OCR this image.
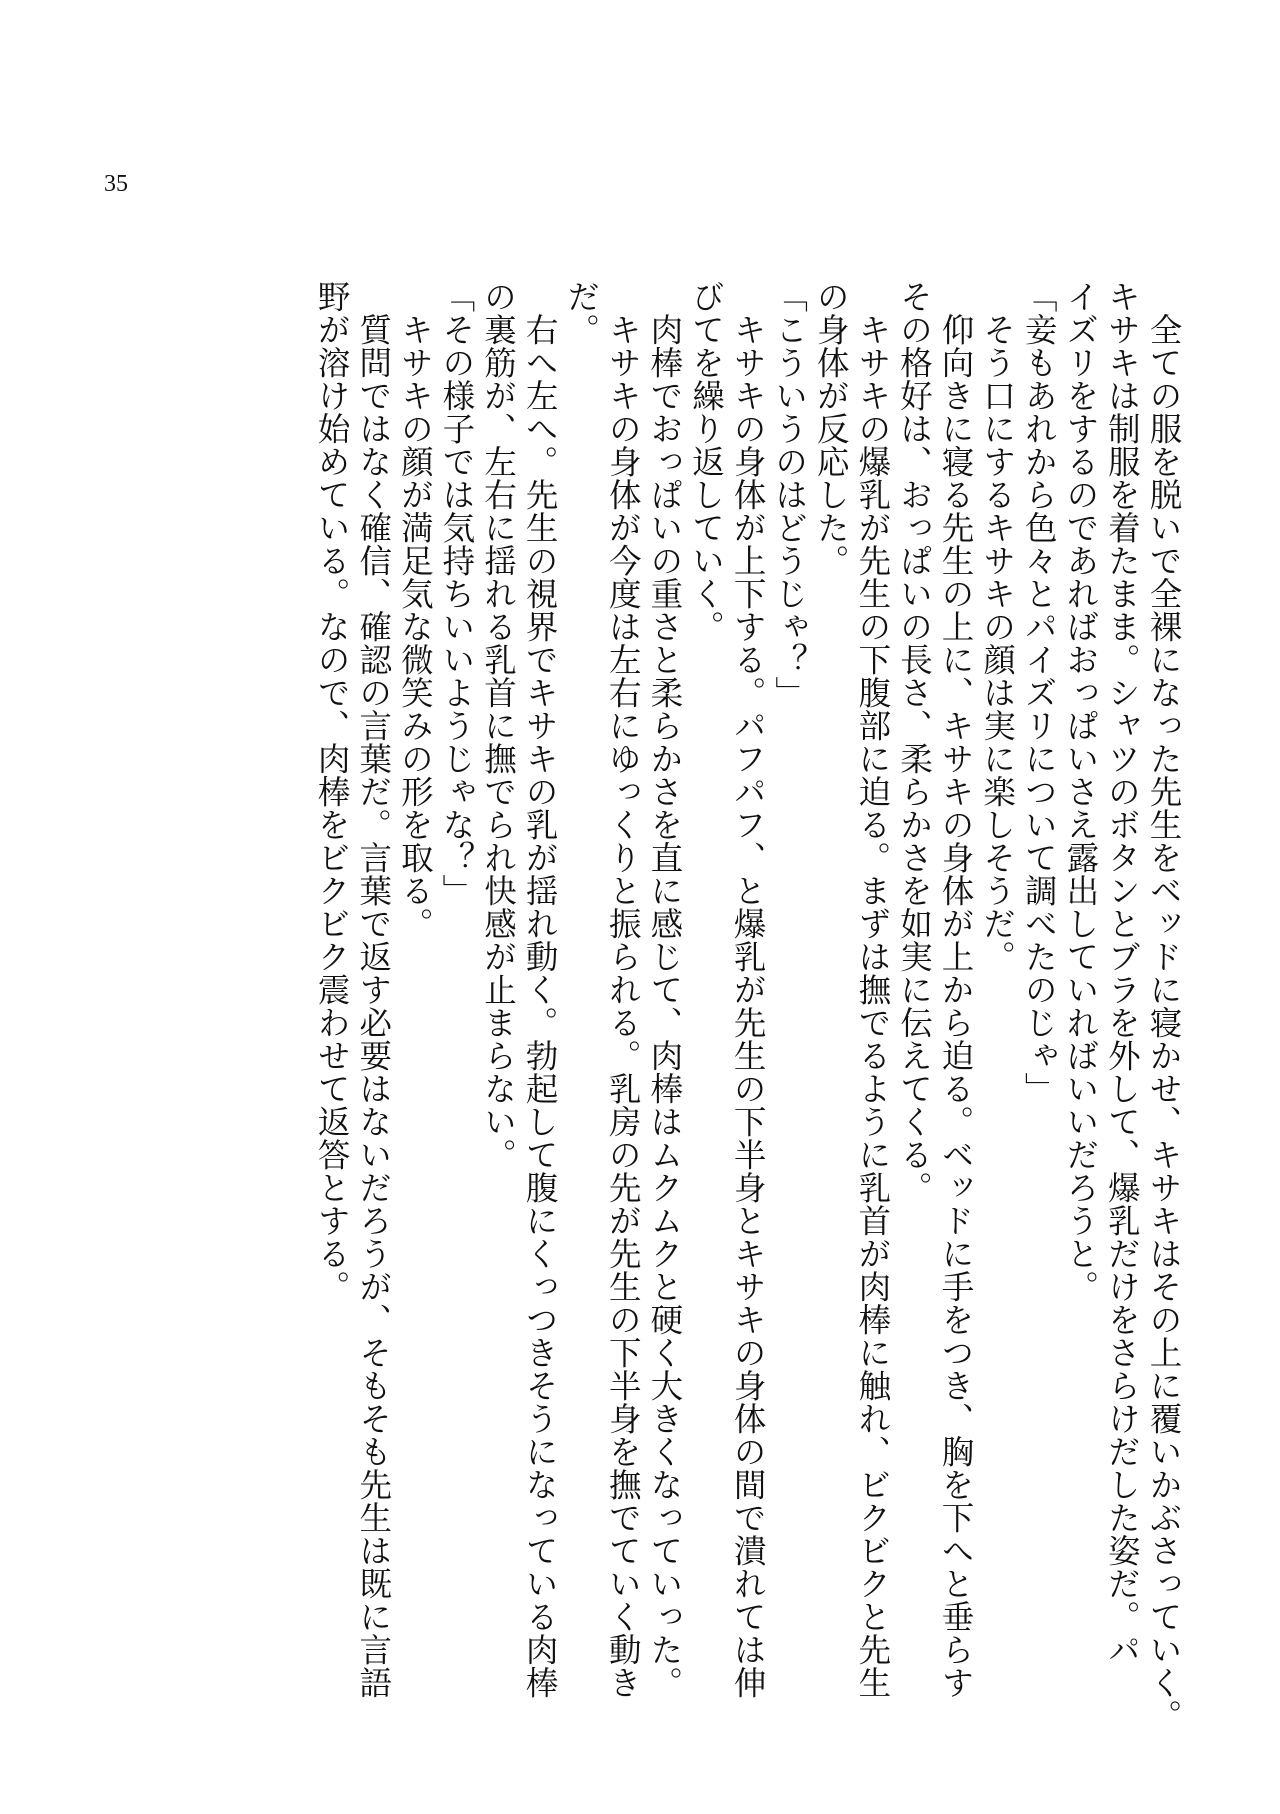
35
　全ての服を脱いで全裸になった先生をベッドに寝かせ、キサキはその上に覆いかぶさっていく。
キサキは制服を着たまま。シャツのボタンとブラを外して、爆乳だけをさらけだした姿だ。パ
イズリをするのであればおっぱいさえ露出していればいいだろうと。
「妾もあれから色々とパイズリについて調べたのじゃ」
　そう口にするキサキの顔は実に楽しそうだ。
　仰向きに寝る先生の上に、キサキの身体が上から迫る。ベッドに手をつき、胸を下へと垂らす
その格好は、おっぱいの長さ、柔らかさを如実に伝えてくる。
　キサキの爆乳が先生の下腹部に迫る。まずは撫でるように乳首が肉棒に触れ、ビクビクと先生
の身体が反応した。
「こういうのはどうじゃ？」
　キサキの身体が上下する。パフパフ、と爆乳が先生の下半身とキサキの身体の間で潰れては伸
びてを繰り返していく。
　肉棒でおっぱいの重さと柔らかさを直に感じて、肉棒はムクムクと硬く大きくなっていった。
　キサキの身体が今度は左右にゆっくりと振られる。乳房の先が先生の下半身を撫でていく動き
だ。
　右へ左へ。先生の視界でキサキの乳が揺れ動く。勃起して腹にくっつきそうになっている肉棒
の裏筋が、左右に揺れる乳首に撫でられ快感が止まらない。
「その様子では気持ちいいようじゃな？」
　キサキの顔が満足気な微笑みの形を取る。
　質問ではなく確信、確認の言葉だ。言葉で返す必要はないだろうが、そもそも先生は既に言語
野が溶け始めている。なので、肉棒をビクビク震わせて返答とする。
